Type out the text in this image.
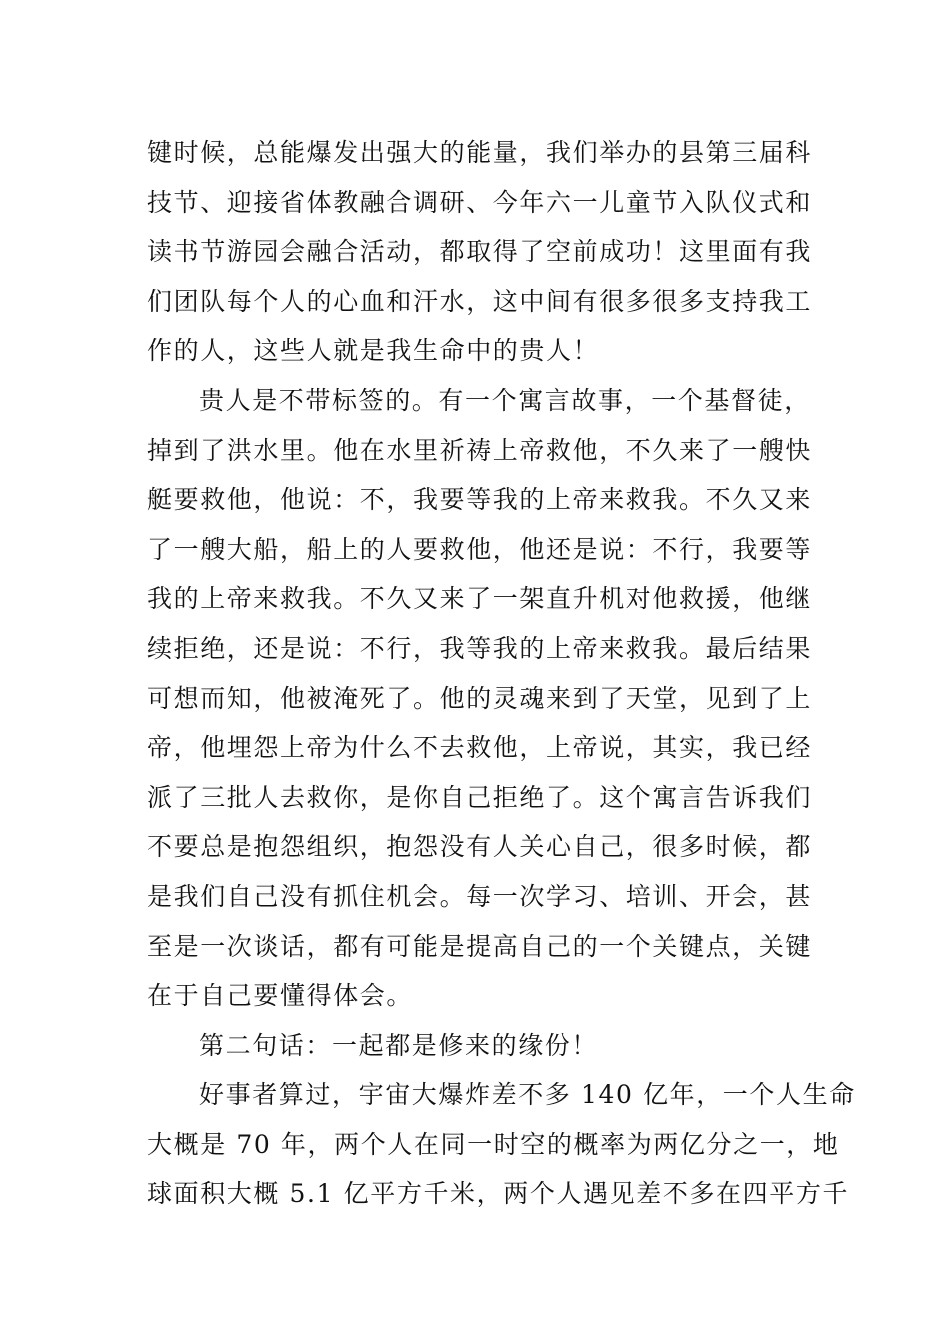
键时候，总能爆发出强大的能量，我们举办的县第三届科
技节、迎接省体教融合调研、今年六一儿童节入队仪式和
读书节游园会融合活动，都取得了空前成功！这里面有我
们团队每个人的心血和汗水，这中间有很多很多支持我工
作的人，这些人就是我生命中的贵人！
贵人是不带标签的。有一个寓言故事，一个基督徒，
掉到了洪水里。他在水里祈祷上帝救他，不久来了一艘快
艇要救他，他说：不，我要等我的上帝来救我。不久又来
了一艘大船，船上的人要救他，他还是说：不行，我要等
我的上帝来救我。不久又来了一架直升机对他救援，他继
续拒绝，还是说：不行，我等我的上帝来救我。最后结果
可想而知，他被淹死了。他的灵魂来到了天堂，见到了上
帝，他埋怨上帝为什么不去救他，上帝说，其实，我已经
派了三批人去救你，是你自己拒绝了。这个寓言告诉我们
不要总是抱怨组织，抱怨没有人关心自己，很多时候，都
是我们自己没有抓住机会。每一次学习、培训、开会，甚
至是一次谈话，都有可能是提高自己的一个关键点，关键
在于自己要懂得体会。
第二句话：一起都是修来的缘份！
好事者算过，宇宙大爆炸差不多 140 亿年，一个人生命
大概是 70 年，两个人在同一时空的概率为两亿分之一，地
球面积大概 5.1 亿平方千米，两个人遇见差不多在四平方千
